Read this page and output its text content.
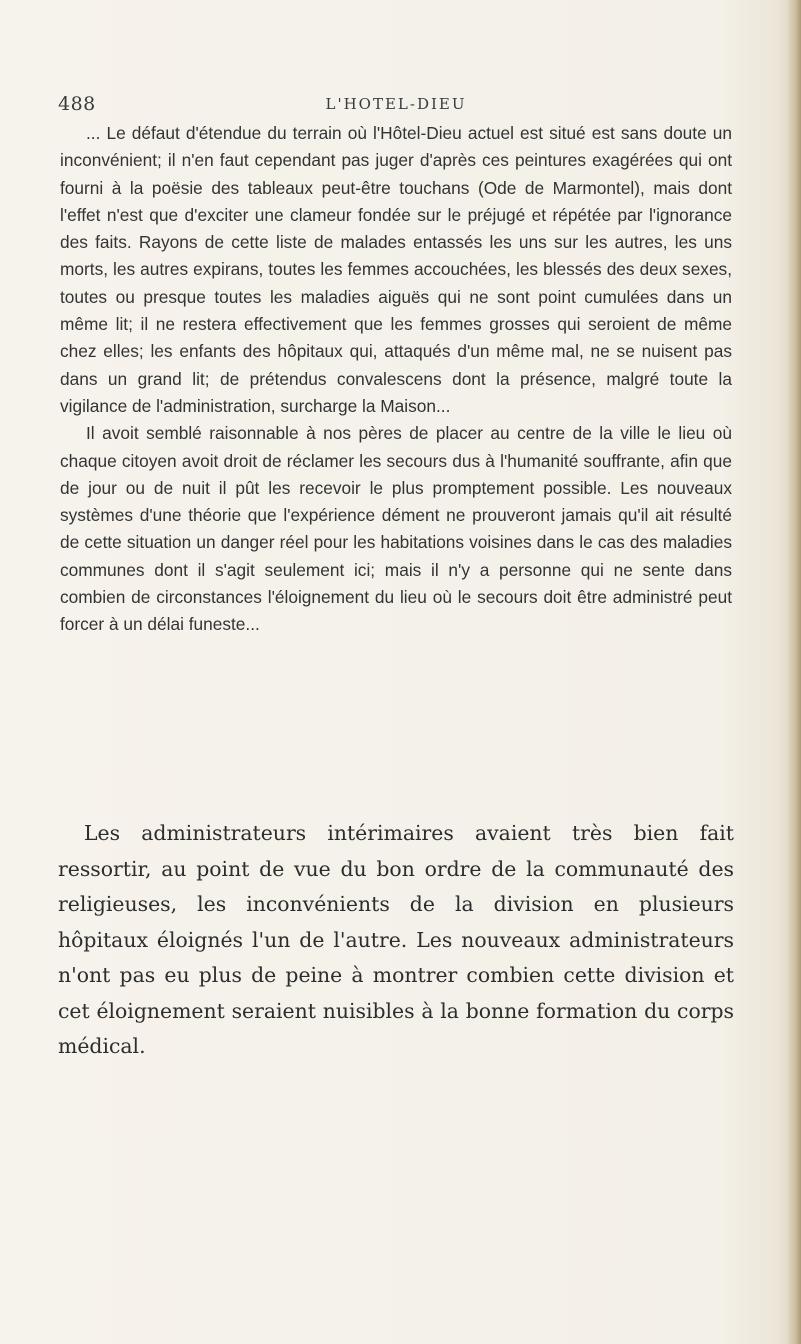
488	L'HOTEL-DIEU

... Le défaut d'étendue du terrain où l'Hôtel-Dieu actuel est situé est sans doute un inconvénient; il n'en faut cependant pas juger d'après ces peintures exagérées qui ont fourni à la poësie des tableaux peut-être touchans (Ode de Marmontel), mais dont l'effet n'est que d'exciter une clameur fondée sur le préjugé et répétée par l'ignorance des faits. Rayons de cette liste de malades entassés les uns sur les autres, les uns morts, les autres expirans, toutes les femmes accouchées, les blessés des deux sexes, toutes ou presque toutes les maladies aiguës qui ne sont point cumulées dans un même lit; il ne restera effectivement que les femmes grosses qui seroient de même chez elles; les enfants des hôpitaux qui, attaqués d'un même mal, ne se nuisent pas dans un grand lit; de prétendus convalescens dont la présence, malgré toute la vigilance de l'administration, surcharge la Maison...

Il avoit semblé raisonnable à nos pères de placer au centre de la ville le lieu où chaque citoyen avoit droit de réclamer les secours dus à l'humanité souffrante, afin que de jour ou de nuit il pût les recevoir le plus promptement possible. Les nouveaux systèmes d'une théorie que l'expérience dément ne prouveront jamais qu'il ait résulté de cette situation un danger réel pour les habitations voisines dans le cas des maladies communes dont il s'agit seulement ici; mais il n'y a personne qui ne sente dans combien de circonstances l'éloignement du lieu où le secours doit être administré peut forcer à un délai funeste...

Les administrateurs intérimaires avaient très bien fait ressortir, au point de vue du bon ordre de la communauté des religieuses, les inconvénients de la division en plusieurs hôpitaux éloignés l'un de l'autre. Les nouveaux administrateurs n'ont pas eu plus de peine à montrer combien cette division et cet éloignement seraient nuisibles à la bonne formation du corps médical.
